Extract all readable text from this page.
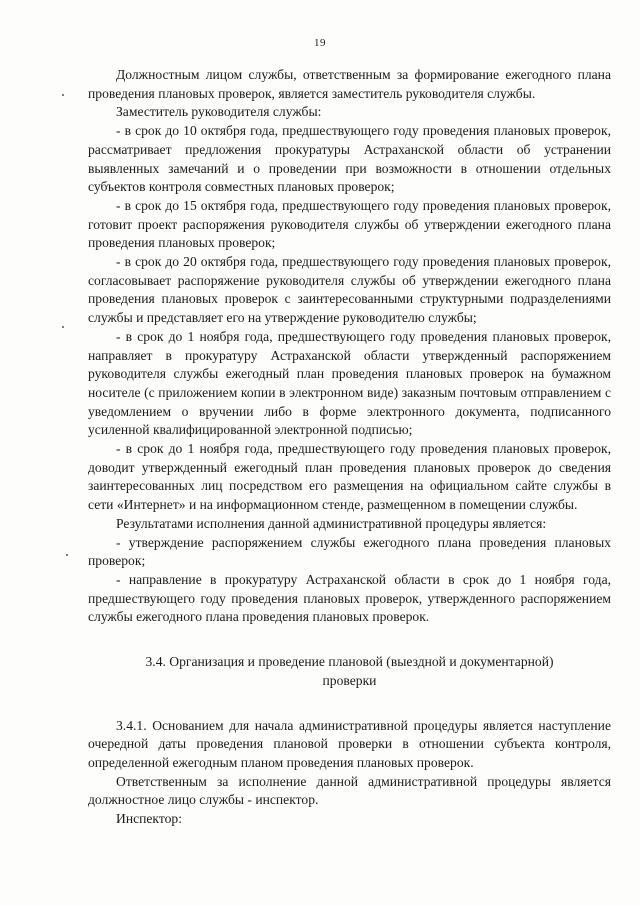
19

Должностным лицом службы, ответственным за формирование ежегодного плана проведения плановых проверок, является заместитель руководителя службы.

Заместитель руководителя службы:

- в срок до 10 октября года, предшествующего году проведения плановых проверок, рассматривает предложения прокуратуры Астраханской области об устранении выявленных замечаний и о проведении при возможности в отношении отдельных субъектов контроля совместных плановых проверок;

- в срок до 15 октября года, предшествующего году проведения плановых проверок, готовит проект распоряжения руководителя службы об утверждении ежегодного плана проведения плановых проверок;

- в срок до 20 октября года, предшествующего году проведения плановых проверок, согласовывает распоряжение руководителя службы об утверждении ежегодного плана проведения плановых проверок с заинтересованными структурными подразделениями службы и представляет его на утверждение руководителю службы;

- в срок до 1 ноября года, предшествующего году проведения плановых проверок, направляет в прокуратуру Астраханской области утвержденный распоряжением руководителя службы ежегодный план проведения плановых проверок на бумажном носителе (с приложением копии в электронном виде) заказным почтовым отправлением с уведомлением о вручении либо в форме электронного документа, подписанного усиленной квалифицированной электронной подписью;

- в срок до 1 ноября года, предшествующего году проведения плановых проверок, доводит утвержденный ежегодный план проведения плановых проверок до сведения заинтересованных лиц посредством его размещения на официальном сайте службы в сети «Интернет» и на информационном стенде, размещенном в помещении службы.

Результатами исполнения данной административной процедуры является:

- утверждение распоряжением службы ежегодного плана проведения плановых проверок;

- направление в прокуратуру Астраханской области в срок до 1 ноября года, предшествующего году проведения плановых проверок, утвержденного распоряжением службы ежегодного плана проведения плановых проверок.

3.4. Организация и проведение плановой (выездной и документарной) проверки

3.4.1. Основанием для начала административной процедуры является наступление очередной даты проведения плановой проверки в отношении субъекта контроля, определенной ежегодным планом проведения плановых проверок.

Ответственным за исполнение данной административной процедуры является должностное лицо службы - инспектор.

Инспектор:
